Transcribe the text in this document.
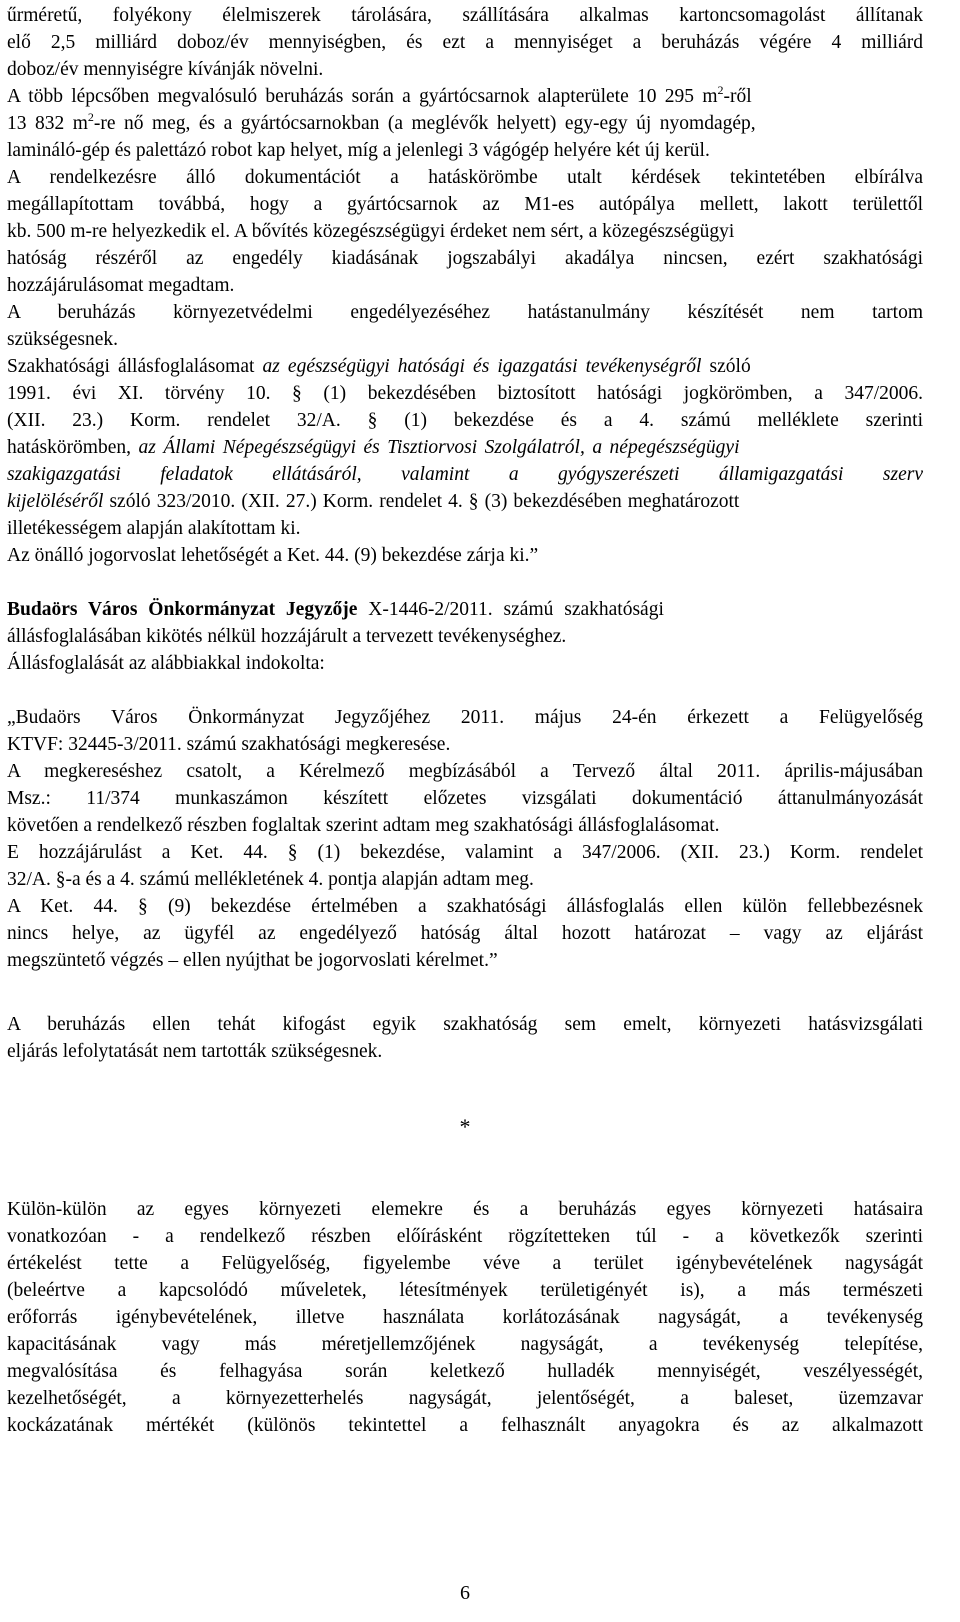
űrméretű, folyékony élelmiszerek tárolására, szállítására alkalmas kartoncsomagolást állítanak
elő 2,5 milliárd doboz/év mennyiségben, és ezt a mennyiséget a beruházás végére 4 milliárd
doboz/év mennyiségre kívánják növelni.
A több lépcsőben megvalósuló beruházás során a gyártócsarnok alapterülete 10 295 $m^2$-ről
13 832 $m^2-re$ nő meg, és a gyártócsarnokban (a meglévők helyett) egy-egy új nyomdagép,
lamináló-gép és palettázó robot kap helyet, míg a jelenlegi 3 vágógép helyére két új kerül.
A rendelkezésre álló dokumentációt a hatáskörömbe utalt kérdések tekintetében elbírálva
megállapítottam továbbá, hogy a gyártócsarnok az M1-es autópálya mellett, lakott területtől
kb. 500 m-re helyezkedik el. A bővítés közegészségügyi érdeket nem sért, a közegészségügyi
hatóság részéről az engedély kiadásának jogszabályi akadálya nincsen, ezért szakhatósági
hozzájárulásomat megadtam.
A beruházás környezetvédelmi engedélyezéséhez hatástanulmány készítését nem tartom
szükségesnek.
Szakhatósági állásfoglalásomat az egészségügyi hatósági és igazgatási tevékenységről szóló
1991. évi XI. törvény 10. § (1) bekezdésében biztosított hatósági jogkörömben, a 347/2006.
(XII. 23.) Korm. rendelet 32/A. § (1) bekezdése és a 4. számú melléklete szerinti
hatáskörömben, az Állami Népegészségügyi és Tisztiorvosi Szolgálatról, a népegészségügyi
szakigazgatási feladatok ellátásáról, valamint a gyógyszerészeti államigazgatási szerv
kijelöléséről szóló 323/2010. (XII. 27.) Korm. rendelet 4. § (3) bekezdésében meghatározott
illetékességem alapján alakítottam ki.
Az önálló jogorvoslat lehetőségét a Ket. 44. (9) bekezdése zárja ki.”
Budaörs Város Önkormányzat Jegyzője X-1446-2/2011. számú szakhatósági
állásfoglalásában kikötés nélkül hozzájárult a tervezett tevékenységhez.
Állásfoglalását az alábbiakkal indokolta:
„Budaörs Város Önkormányzat Jegyzőjéhez 2011. május 24-én érkezett a Felügyelőség
KTVF: 32445-3/2011. számú szakhatósági megkeresése.
A megkereséshez csatolt, a Kérelmező megbízásából a Tervező által 2011. április-májusában
Msz.: 11/374 munkaszámon készített előzetes vizsgálati dokumentáció áttanulmányozását
követően a rendelkező részben foglaltak szerint adtam meg szakhatósági állásfoglalásomat.
E hozzájárulást a Ket. 44. § (1) bekezdése, valamint a 347/2006. (XII. 23.) Korm. rendelet
32/A. §-a és a 4. számú mellékletének 4. pontja alapján adtam meg.
A Ket. 44. § (9) bekezdése értelmében a szakhatósági állásfoglalás ellen külön fellebbezésnek
nincs helye, az ügyfél az engedélyező hatóság által hozott határozat – vagy az eljárást
megszüntető végzés – ellen nyújthat be jogorvoslati kérelmet.”
A beruházás ellen tehát kifogást egyik szakhatóság sem emelt, környezeti hatásvizsgálati
eljárás lefolytatását nem tartották szükségesnek.
*
Külön-külön az egyes környezeti elemekre és a beruházás egyes környezeti hatásaira
vonatkozóan - a rendelkező részben előírásként rögzítetteken túl - a következők szerinti
értékelést tette a Felügyelőség, figyelembe véve a terület igénybevételének nagyságát
(beleértve a kapcsolódó műveletek, létesítmények területigényét is), a más természeti
erőforrás igénybevételének, illetve használata korlátozásának nagyságát, a tevékenység
kapacitásának vagy más méretjellemzőjének nagyságát, a tevékenység telepítése,
megvalósítása és felhagyása során keletkező hulladék mennyiségét, veszélyességét,
kezelhetőségét, a környezetterhelés nagyságát, jelentőségét, a baleset, üzemzavar
kockázatának mértékét (különös tekintettel a felhasznált anyagokra és az alkalmazott
6
